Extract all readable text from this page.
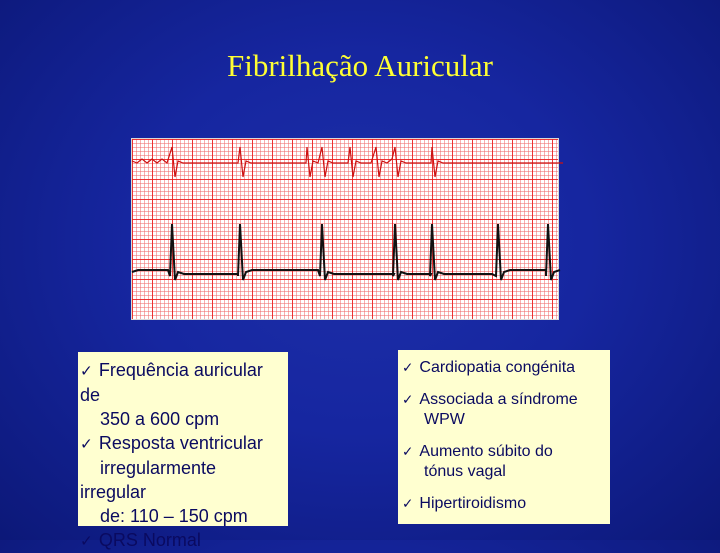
Fibrilhação Auricular
✓ Frequência auricular
de
350 a 600 cpm
✓ Resposta ventricular
irregularmente
irregular
de: 110 – 150 cpm
✓ QRS Normal
✓ Cardiopatia congénita
✓ Associada a síndrome
WPW
✓ Aumento súbito do
tónus vagal
✓ Hipertiroidismo
